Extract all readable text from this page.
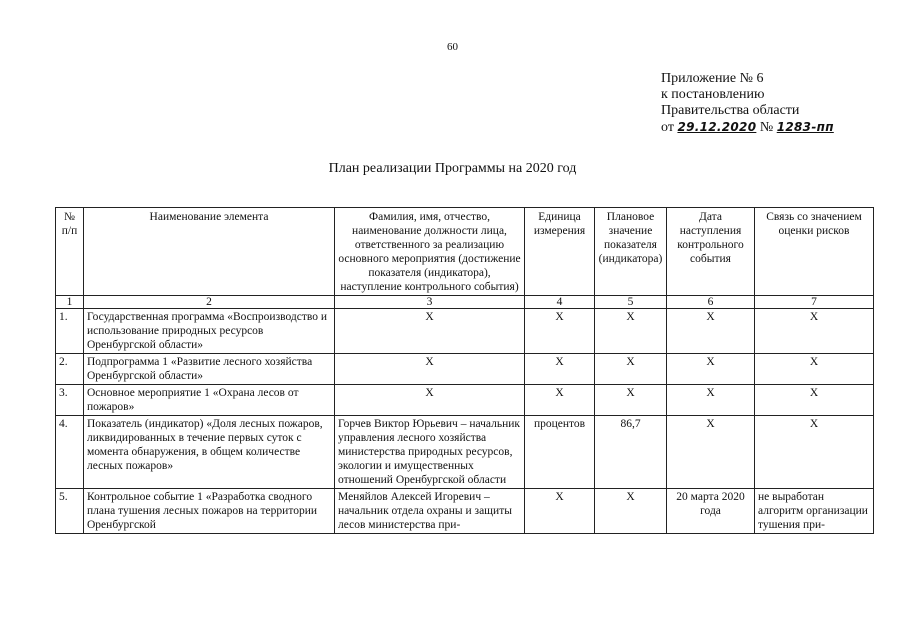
60
Приложение № 6
к постановлению
Правительства области
от 29.12.2020 № 1283-пп
План реализации Программы на 2020 год
№ п/п	Наименование элемента	Фамилия, имя, отчество, наименование должности лица, ответственного за реализацию основного мероприятия (достижение показателя (индикатора), наступление контрольного события)	Единица измерения	Плановое значение показателя (индикатора)	Дата наступления контрольного события	Связь со значением оценки рисков
1	2	3	4	5	6	7
1.	Государственная программа «Воспроизводство и использование природных ресурсов Оренбургской области»	X	X	X	X	X
2.	Подпрограмма 1 «Развитие лесного хозяйства Оренбургской области»	X	X	X	X	X
3.	Основное мероприятие 1 «Охрана лесов от пожаров»	X	X	X	X	X
4.	Показатель (индикатор) «Доля лесных пожаров, ликвидированных в течение первых суток с момента обнаружения, в общем количестве лесных пожаров»	Горчев Виктор Юрьевич – начальник управления лесного хозяйства министерства природных ресурсов, экологии и имущественных отношений Оренбургской области	процентов	86,7	X	X
5.	Контрольное событие 1 «Разработка сводного плана тушения лесных пожаров на территории Оренбургской	Меняйлов Алексей Игоревич – начальник отдела охраны и защиты лесов министерства при-	X	X	20 марта 2020 года	не выработан алгоритм организации тушения при-
